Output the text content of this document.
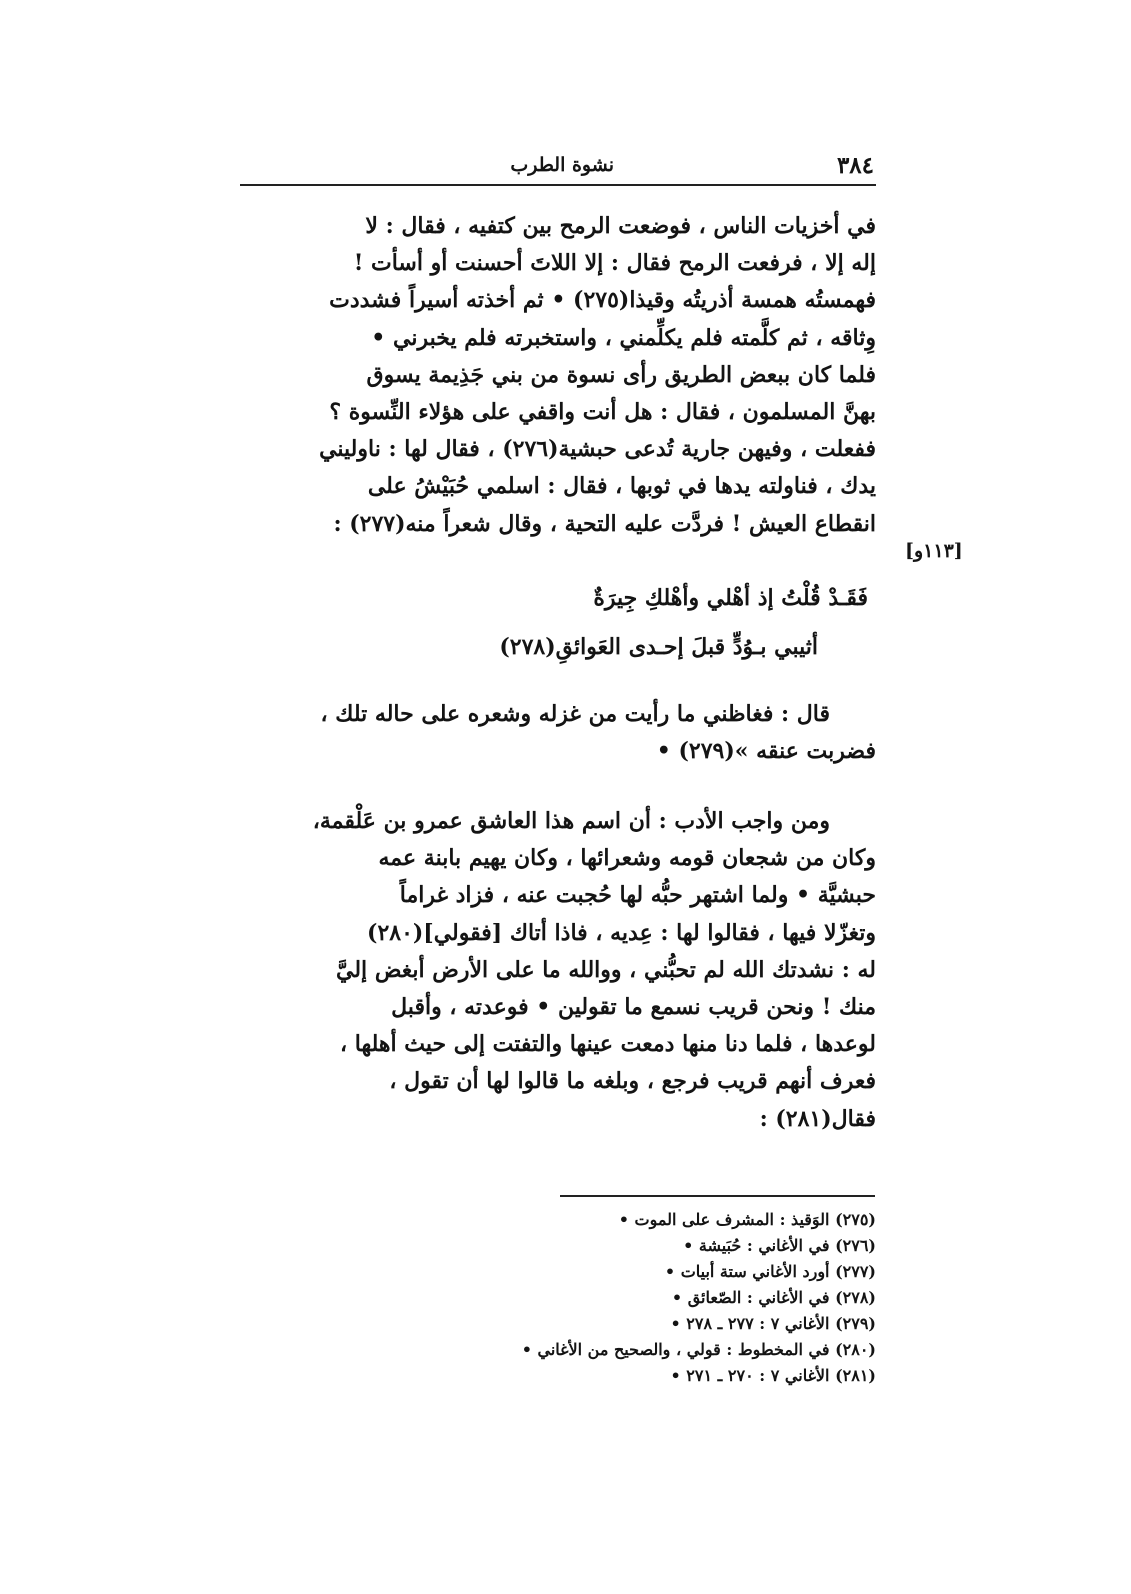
٣٨٤
نشوة الطرب
[١١٣و]

في أخزيات الناس ، فوضعت الرمح بين كتفيه ، فقال : لا

إله إلا ، فرفعت الرمح فقال : إلا اللاتَ أحسنت أو أسأت !

فهمستُه همسة أذريتُه وقيذا(٢٧٥) • ثم أخذته أسيراً فشددت

وِثاقه ، ثم كلَّمته فلم يكلِّمني ، واستخبرته فلم يخبرني •

فلما كان ببعض الطريق رأى نسوة من بني جَذِيمة يسوق

بهنَّ المسلمون ، فقال : هل أنت واقفي على هؤلاء النِّسوة ؟

ففعلت ، وفيهن جارية تُدعى حبشية(٢٧٦) ، فقال لها : ناوليني

يدك ، فناولته يدها في ثوبها ، فقال : اسلمي حُبَيْشُ على

انقطاع العيش ! فردَّت عليه التحية ، وقال شعراً منه(٢٧٧) :

فَقَـدْ قُلْتُ إذ أهْلي وأهْلكِ جِيرَةٌ
أثيبي بـوُدٍّ قبلَ إحـدى العَوائقِ(٢٧٨)

قال : فغاظني ما رأيت من غزله وشعره على حاله تلك ،

فضربت عنقه »(٢٧٩) •

ومن واجب الأدب : أن اسم هذا العاشق عمرو بن عَلْقمة،

وكان من شجعان قومه وشعرائها ، وكان يهيم بابنة عمه

حبشيَّة • ولما اشتهر حبُّه لها حُجبت عنه ، فزاد غراماً

وتغزّلا فيها ، فقالوا لها : عِديه ، فاذا أتاك [فقولي](٢٨٠)

له : نشدتك الله لم تحبُّني ، ووالله ما على الأرض أبغض إليَّ

منك ! ونحن قريب نسمع ما تقولين • فوعدته ، وأقبل

لوعدها ، فلما دنا منها دمعت عينها والتفتت إلى حيث أهلها ،

فعرف أنهم قريب فرجع ، وبلغه ما قالوا لها أن تقول ،

فقال(٢٨١) :

(٢٧٥) الوَقيذ : المشرف على الموت •
(٢٧٦) في الأغاني : حُبَيشة •
(٢٧٧) أورد الأغاني ستة أبيات •
(٢٧٨) في الأغاني : الصّعائق •
(٢٧٩) الأغاني ٧ : ٢٧٧ ـ ٢٧٨ •
(٢٨٠) في المخطوط : قولي ، والصحيح من الأغاني •
(٢٨١) الأغاني ٧ : ٢٧٠ ـ ٢٧١ •
